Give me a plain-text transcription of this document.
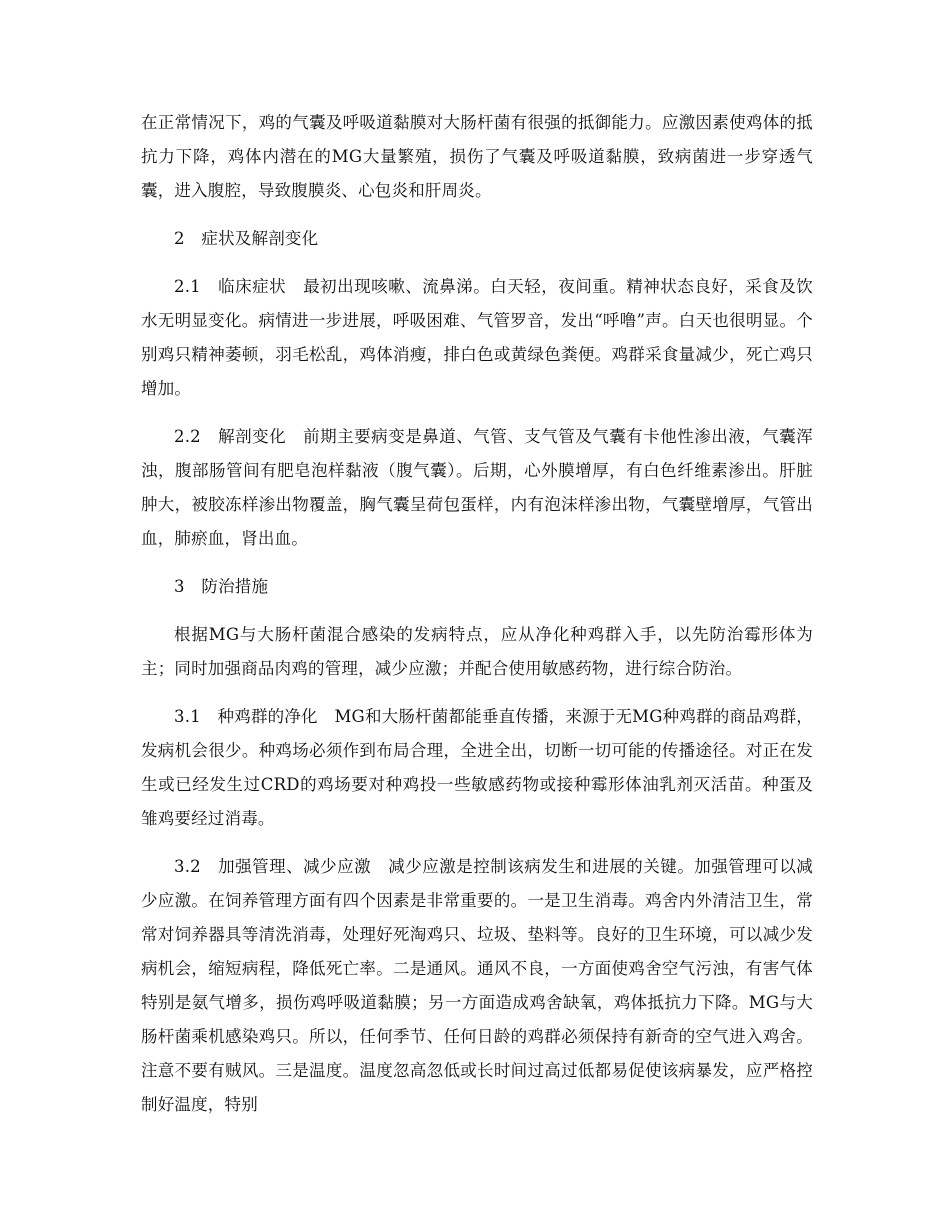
在正常情况下，鸡的气囊及呼吸道黏膜对大肠杆菌有很强的抵御能力。应激因素使鸡体的抵抗力下降，鸡体内潜在的MG大量繁殖，损伤了气囊及呼吸道黏膜，致病菌进一步穿透气囊，进入腹腔，导致腹膜炎、心包炎和肝周炎。

2　症状及解剖变化

2.1　临床症状　最初出现咳嗽、流鼻涕。白天轻，夜间重。精神状态良好，采食及饮水无明显变化。病情进一步进展，呼吸困难、气管罗音，发出“呼噜”声。白天也很明显。个别鸡只精神萎顿，羽毛松乱，鸡体消瘦，排白色或黄绿色粪便。鸡群采食量减少，死亡鸡只增加。

2.2　解剖变化　前期主要病变是鼻道、气管、支气管及气囊有卡他性渗出液，气囊浑浊，腹部肠管间有肥皂泡样黏液（腹气囊）。后期，心外膜增厚，有白色纤维素渗出。肝脏肿大，被胶冻样渗出物覆盖，胸气囊呈荷包蛋样，内有泡沫样渗出物，气囊壁增厚，气管出血，肺瘀血，肾出血。

3　防治措施

根据MG与大肠杆菌混合感染的发病特点，应从净化种鸡群入手，以先防治霉形体为主；同时加强商品肉鸡的管理，减少应激；并配合使用敏感药物，进行综合防治。

3.1　种鸡群的净化　MG和大肠杆菌都能垂直传播，来源于无MG种鸡群的商品鸡群，发病机会很少。种鸡场必须作到布局合理，全进全出，切断一切可能的传播途径。对正在发生或已经发生过CRD的鸡场要对种鸡投一些敏感药物或接种霉形体油乳剂灭活苗。种蛋及雏鸡要经过消毒。

3.2　加强管理、减少应激　减少应激是控制该病发生和进展的关键。加强管理可以减少应激。在饲养管理方面有四个因素是非常重要的。一是卫生消毒。鸡舍内外清洁卫生，常常对饲养器具等清洗消毒，处理好死淘鸡只、垃圾、垫料等。良好的卫生环境，可以减少发病机会，缩短病程，降低死亡率。二是通风。通风不良，一方面使鸡舍空气污浊，有害气体特别是氨气增多，损伤鸡呼吸道黏膜；另一方面造成鸡舍缺氧，鸡体抵抗力下降。MG与大肠杆菌乘机感染鸡只。所以，任何季节、任何日龄的鸡群必须保持有新奇的空气进入鸡舍。注意不要有贼风。三是温度。温度忽高忽低或长时间过高过低都易促使该病暴发，应严格控制好温度，特别
